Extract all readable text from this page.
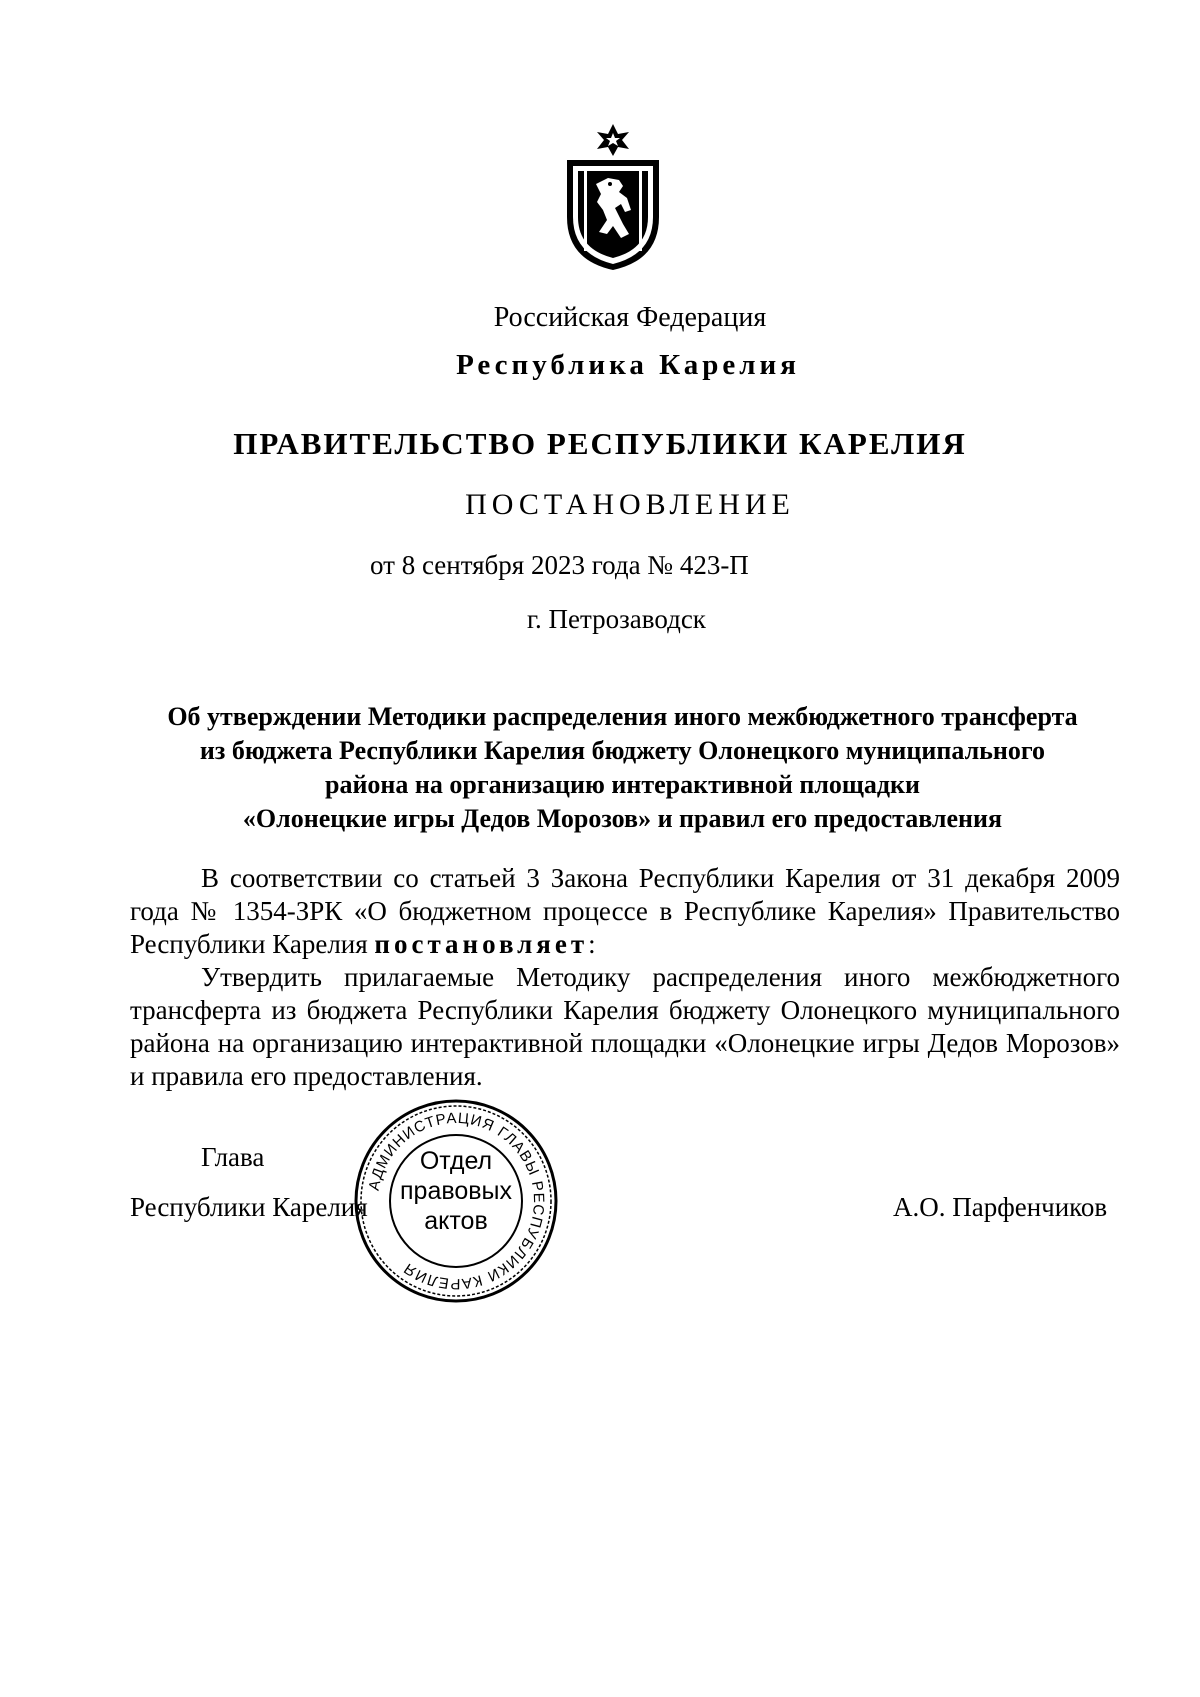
Российская Федерация
Республика Карелия
ПРАВИТЕЛЬСТВО РЕСПУБЛИКИ КАРЕЛИЯ
ПОСТАНОВЛЕНИЕ
от 8 сентября 2023 года № 423-П
г. Петрозаводск
Об утверждении Методики распределения иного межбюджетного трансферта
из бюджета Республики Карелия бюджету Олонецкого муниципального
района на организацию интерактивной площадки
«Олонецкие игры Дедов Морозов» и правил его предоставления

В соответствии со статьей 3 Закона Республики Карелия от 31 декабря 2009 года № 1354-ЗРК «О бюджетном процессе в Республике Карелия» Правительство Республики Карелия постановляет:

Утвердить прилагаемые Методику распределения иного межбюджетного трансферта из бюджета Республики Карелия бюджету Олонецкого муниципального района на организацию интерактивной площадки «Олонецкие игры Дедов Морозов» и правила его предоставления.

АДМИНИСТРАЦИЯ ГЛАВЫ РЕСПУБЛИКИ КАРЕЛИЯ
Отдел
правовых
актов
Глава
Республики Карелия	А.О. Парфенчиков
